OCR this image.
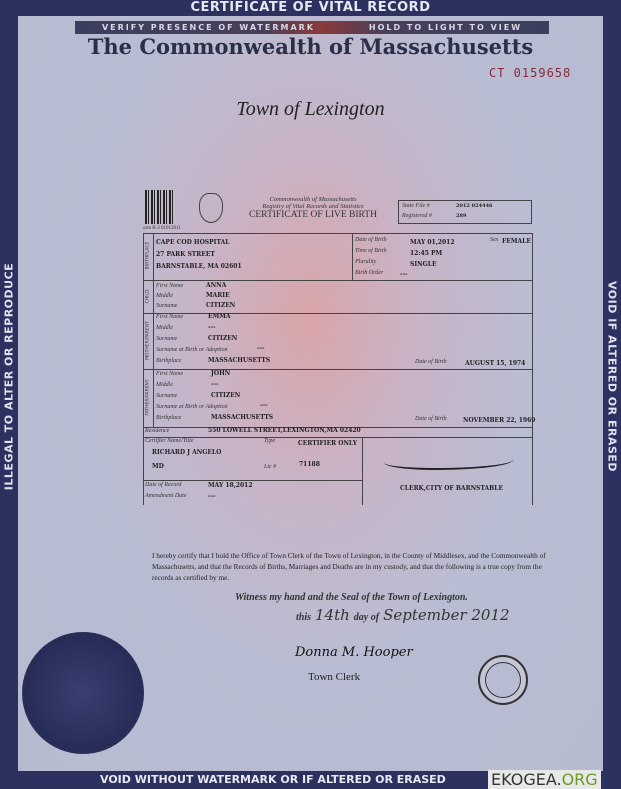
CERTIFICATE OF VITAL RECORD
VERIFY PRESENCE OF WATERMARK	HOLD TO LIGHT TO VIEW
The Commonwealth of Massachusetts
CT 0159658
Town of Lexington
ILLEGAL TO ALTER OR REPRODUCE	VOID IF ALTERED OR ERASED
Commonwealth of Massachusetts
Registry of Vital Records and Statistics
CERTIFICATE OF LIVE BIRTH
orm R-3 01012011
State File #	2012 024446
Registered #	289
BIRTHPLACE
CHILD
MOTHER/PARENT
FATHER/PARENT
CAPE COD HOSPITAL
27 PARK STREET
BARNSTABLE, MA 02601
Date of Birth	MAY 01,2012	Sex FEMALE
Time of Birth	12:45 PM
Plurality	SINGLE
Birth Order	---
First Name	ANNA
Middle	MARIE
Surname	CITIZEN
First Name	EMMA
Middle	---
Surname	CITIZEN
Surname at Birth or Adoption	---
Birthplace	MASSACHUSETTS	Date of Birth	AUGUST 15, 1974
First Name	JOHN
Middle	---
Surname	CITIZEN
Surname at Birth or Adoption	---
Birthplace	MASSACHUSETTS	Date of Birth	NOVEMBER 22, 1969
Residence	550 LOWELL STREET,LEXINGTON,MA 02420
Certifier Name/Title	Type	CERTIFIER ONLY
RICHARD J ANGELO
MD	Lic #	71188
Date of Record	MAY 18,2012
Amendment Date	---
CLERK,CITY OF BARNSTABLE
I hereby certify that I hold the Office of Town Clerk of the Town of Lexington, in the County of Middlesex, and the Commonwealth of Massachusetts, and that the Records of Births, Marriages and Deaths are in my custody, and that the following is a true copy from the records as certified by me.
Witness my hand and the Seal of the Town of Lexington.
this 14th day of September 2012
Donna M. Hooper
Town Clerk
VOID WITHOUT WATERMARK OR IF ALTERED OR ERASED	EKOGEA.ORG
